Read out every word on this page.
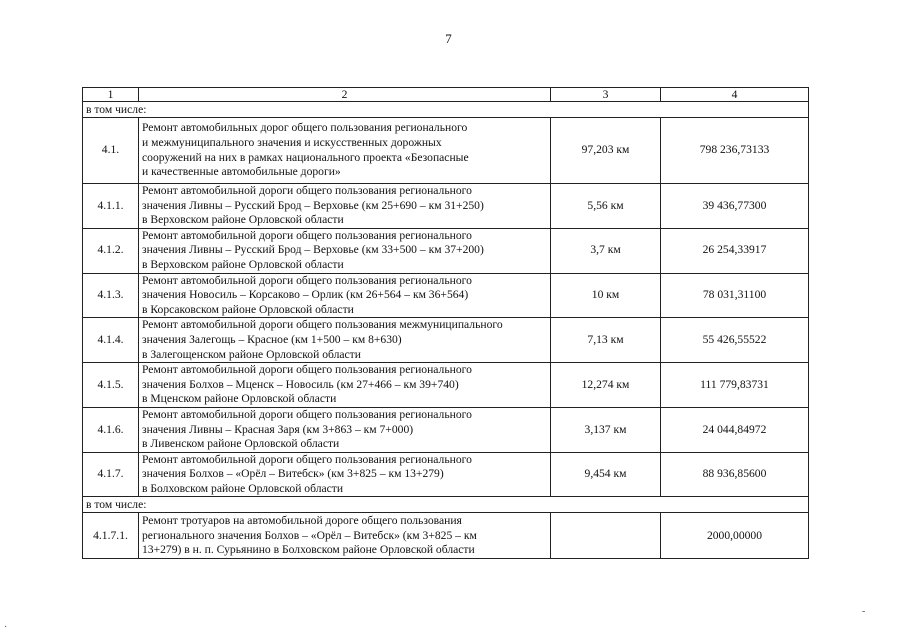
7
1	2	3	4
в том числе:			
4.1.	Ремонт автомобильных дорог общего пользования регионального
и межмуниципального значения и искусственных дорожных
сооружений на них в рамках национального проекта «Безопасные
и качественные автомобильные дороги»	97,203 км	798 236,73133
4.1.1.	Ремонт автомобильной дороги общего пользования регионального
значения Ливны – Русский Брод – Верховье (км 25+690 – км 31+250)
в Верховском районе Орловской области	5,56 км	39 436,77300
4.1.2.	Ремонт автомобильной дороги общего пользования регионального
значения Ливны – Русский Брод – Верховье (км 33+500 – км 37+200)
в Верховском районе Орловской области	3,7 км	26 254,33917
4.1.3.	Ремонт автомобильной дороги общего пользования регионального
значения Новосиль – Корсаково – Орлик (км 26+564 – км 36+564)
в Корсаковском районе Орловской области	10 км	78 031,31100
4.1.4.	Ремонт автомобильной дороги общего пользования межмуниципального
значения Залегощь – Красное (км 1+500 – км 8+630)
в Залегощенском районе Орловской области	7,13 км	55 426,55522
4.1.5.	Ремонт автомобильной дороги общего пользования регионального
значения Болхов – Мценск – Новосиль (км 27+466 – км 39+740)
в Мценском районе Орловской области	12,274 км	111 779,83731
4.1.6.	Ремонт автомобильной дороги общего пользования регионального
значения Ливны – Красная Заря (км 3+863 – км 7+000)
в Ливенском районе Орловской области	3,137 км	24 044,84972
4.1.7.	Ремонт автомобильной дороги общего пользования регионального
значения Болхов – «Орёл – Витебск» (км 3+825 – км 13+279)
в Болховском районе Орловской области	9,454 км	88 936,85600
в том числе:			
4.1.7.1.	Ремонт тротуаров на автомобильной дороге общего пользования
регионального значения Болхов – «Орёл – Витебск» (км 3+825 – км
13+279) в н. п. Сурьянино в Болховском районе Орловской области		2000,00000
·
‐
